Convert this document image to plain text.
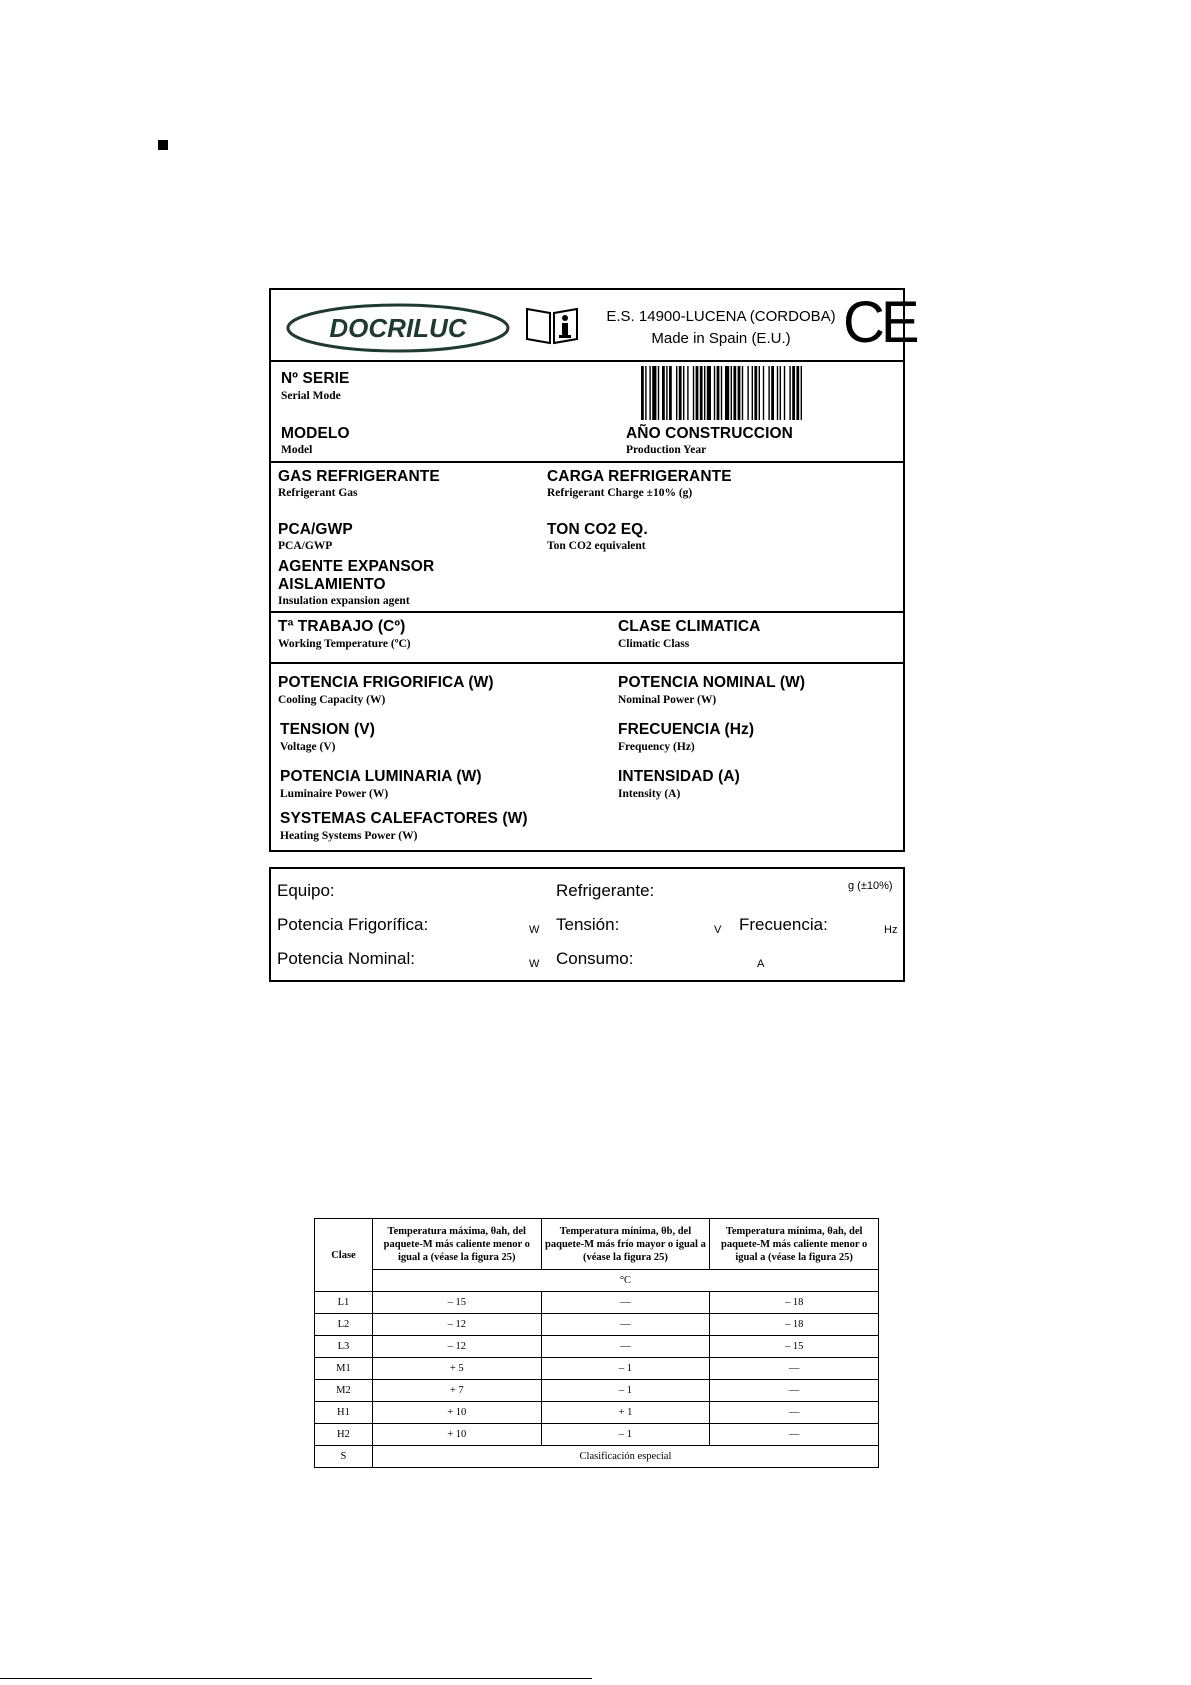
DOCRILUC	E.S. 14900-LUCENA (CORDOBA)
Made in Spain (E.U.) CE
Nº SERIE
Serial Mode
MODELO
Model
AÑO CONSTRUCCION
Production Year
GAS REFRIGERANTE
Refrigerant Gas
CARGA REFRIGERANTE
Refrigerant Charge ±10% (g)
PCA/GWP
PCA/GWP
TON CO2 EQ.
Ton CO2 equivalent
AGENTE EXPANSOR
AISLAMIENTO
Insulation expansion agent
Tª TRABAJO (Cº)
Working Temperature (ºC)
CLASE CLIMATICA
Climatic Class
POTENCIA FRIGORIFICA (W)
Cooling Capacity (W)
POTENCIA NOMINAL (W)
Nominal Power (W)
TENSION (V)
Voltage (V)
FRECUENCIA (Hz)
Frequency (Hz)
POTENCIA LUMINARIA (W)
Luminaire Power (W)
INTENSIDAD (A)
Intensity (A)
SYSTEMAS CALEFACTORES (W)
Heating Systems Power (W)
Equipo:	Refrigerante:	g (±10%)
Potencia Frigorífica:	W Tensión:	V Frecuencia:	Hz
Potencia Nominal:	W Consumo:	A
Clase	Temperatura máxima, θah, del paquete-M más caliente menor o igual a (véase la figura 25)	Temperatura mínima, θb, del paquete-M más frío mayor o igual a (véase la figura 25)	Temperatura mínima, θah, del paquete-M más caliente menor o igual a (véase la figura 25)
	°C		
L1	– 15	—	– 18
L2	– 12	—	– 18
L3	– 12	—	– 15
M1	+ 5	– 1	—
M2	+ 7	– 1	—
H1	+ 10	+ 1	—
H2	+ 10	– 1	—
S	Clasificación especial		
